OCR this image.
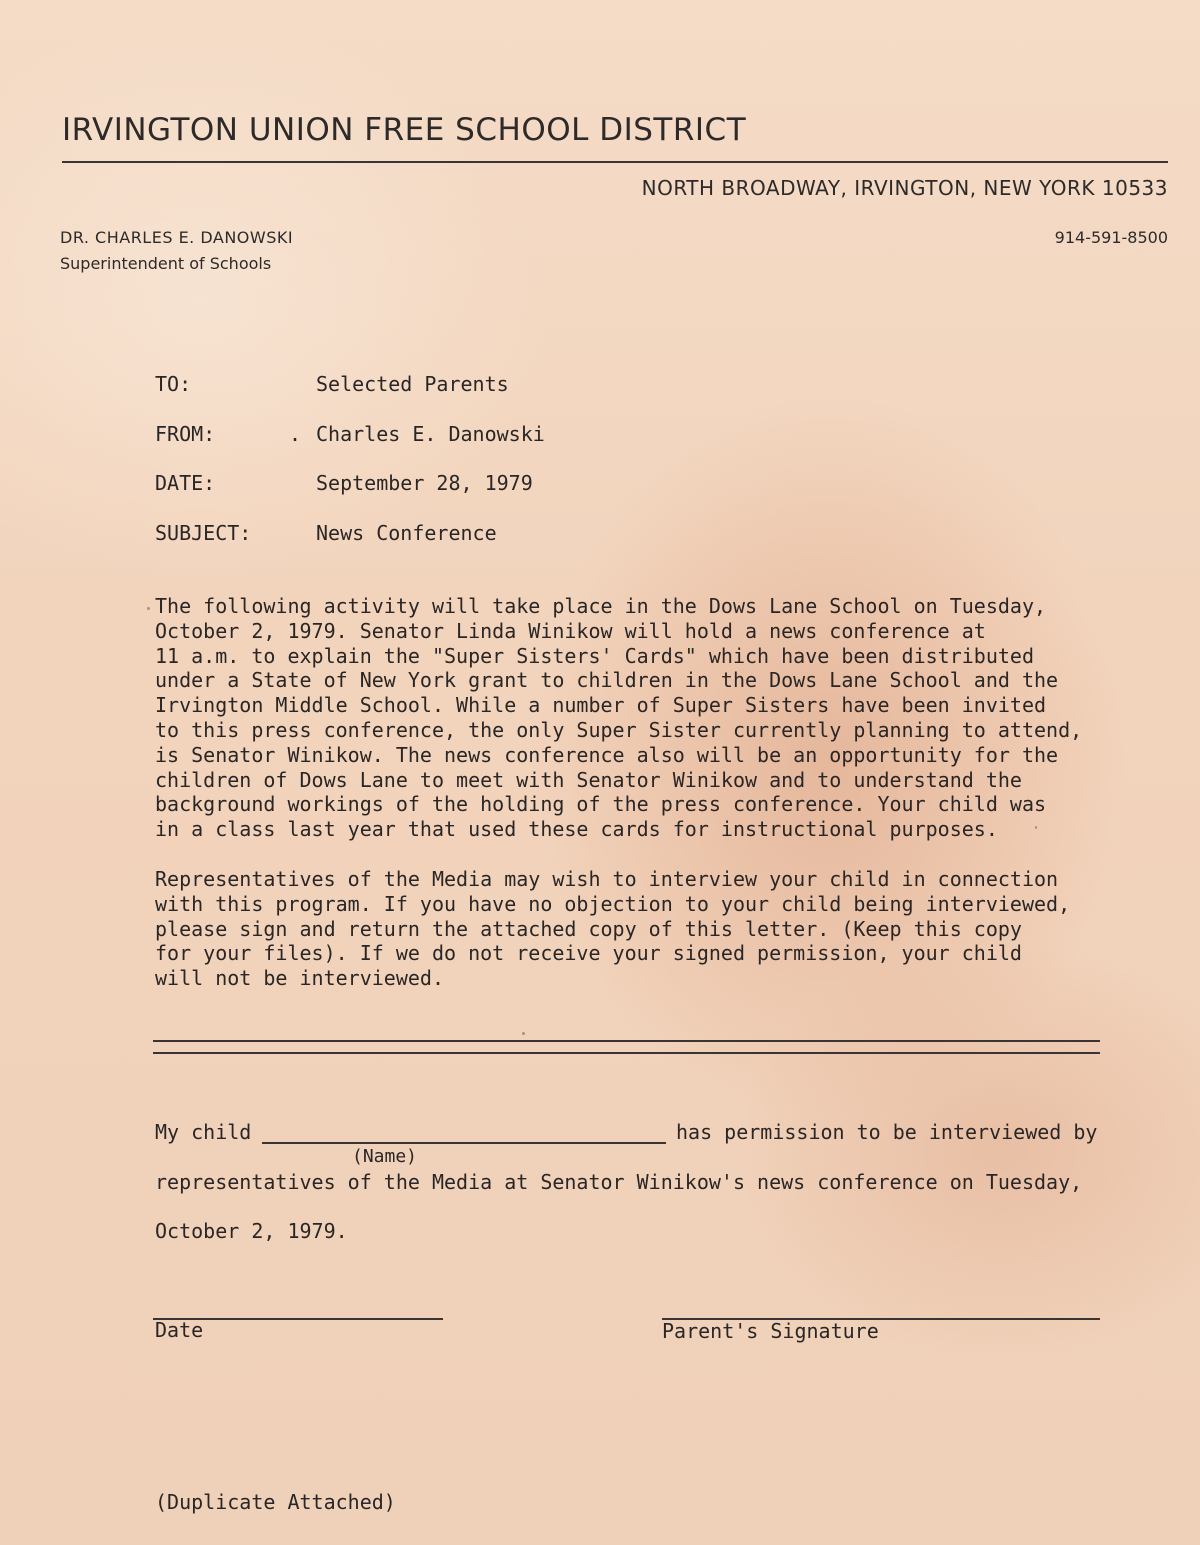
IRVINGTON UNION FREE SCHOOL DISTRICT
NORTH BROADWAY, IRVINGTON, NEW YORK 10533
DR. CHARLES E. DANOWSKI
Superintendent of Schools
914-591-8500
TO:	Selected Parents
FROM:	. Charles E. Danowski
DATE:	September 28, 1979
SUBJECT:	News Conference
The following activity will take place in the Dows Lane School on Tuesday,
October 2, 1979. Senator Linda Winikow will hold a news conference at
11 a.m. to explain the "Super Sisters' Cards" which have been distributed
under a State of New York grant to children in the Dows Lane School and the
Irvington Middle School. While a number of Super Sisters have been invited
to this press conference, the only Super Sister currently planning to attend,
is Senator Winikow. The news conference also will be an opportunity for the
children of Dows Lane to meet with Senator Winikow and to understand the
background workings of the holding of the press conference. Your child was
in a class last year that used these cards for instructional purposes.
Representatives of the Media may wish to interview your child in connection
with this program. If you have no objection to your child being interviewed,
please sign and return the attached copy of this letter. (Keep this copy
for your files). If we do not receive your signed permission, your child
will not be interviewed.
My child	has permission to be interviewed by
(Name)
representatives of the Media at Senator Winikow's news conference on Tuesday,
October 2, 1979.
Date	Parent's Signature
(Duplicate Attached)
